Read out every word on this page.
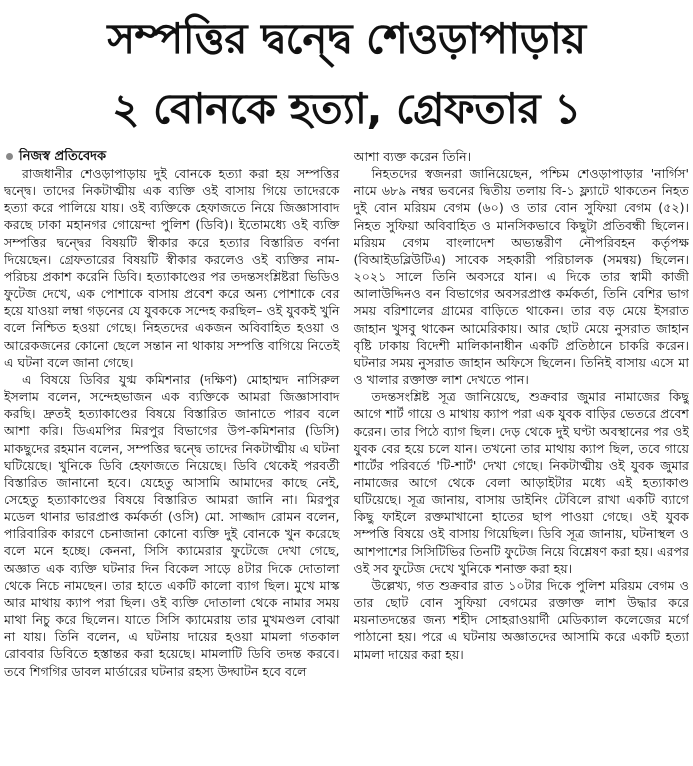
সম্পত্তির দ্বন্দ্বে শেওড়াপাড়ায়
২ বোনকে হত্যা, গ্রেফতার ১
নিজস্ব প্রতিবেদক

রাজধানীর শেওড়াপাড়ায় দুই বোনকে হত্যা করা হয় সম্পত্তির দ্বন্দ্বে। তাদের নিকটাত্মীয় এক ব্যক্তি ওই বাসায় গিয়ে তাদেরকে হত্যা করে পালিয়ে যায়। ওই ব্যক্তিকে হেফাজতে নিয়ে জিজ্ঞাসাবাদ করছে ঢাকা মহানগর গোয়েন্দা পুলিশ (ডিবি)। ইতোমধ্যে ওই ব্যক্তি সম্পত্তির দ্বন্দ্বের বিষয়টি স্বীকার করে হত্যার বিস্তারিত বর্ণনা দিয়েছেন। গ্রেফতারের বিষয়টি স্বীকার করলেও ওই ব্যক্তির নাম-পরিচয় প্রকাশ করেনি ডিবি। হত্যাকাণ্ডের পর তদন্তসংশ্লিষ্টরা ভিডিও ফুটেজ দেখে, এক পোশাকে বাসায় প্রবেশ করে অন্য পোশাকে বের হয়ে যাওয়া লম্বা গড়নের যে যুবককে সন্দেহ করছিল– ওই যুবকই খুনি বলে নিশ্চিত হওয়া গেছে। নিহতদের একজন অবিবাহিত হওয়া ও আরেকজনের কোনো ছেলে সন্তান না থাকায় সম্পত্তি বাগিয়ে নিতেই এ ঘটনা বলে জানা গেছে।

এ বিষয়ে ডিবির যুগ্ম কমিশনার (দক্ষিণ) মোহাম্মদ নাসিরুল ইসলাম বলেন, সন্দেহভাজন এক ব্যক্তিকে আমরা জিজ্ঞাসাবাদ করছি। দ্রুতই হত্যাকাণ্ডের বিষয়ে বিস্তারিত জানাতে পারব বলে আশা করি। ডিএমপির মিরপুর বিভাগের উপ-কমিশনার (ডিসি) মাকছুদের রহমান বলেন, সম্পত্তির দ্বন্দ্বে তাদের নিকটাত্মীয় এ ঘটনা ঘটিয়েছে। খুনিকে ডিবি হেফাজতে নিয়েছে। ডিবি থেকেই পরবর্তী বিস্তারিত জানানো হবে। যেহেতু আসামি আমাদের কাছে নেই, সেহেতু হত্যাকাণ্ডের বিষয়ে বিস্তারিত আমরা জানি না। মিরপুর মডেল থানার ভারপ্রাপ্ত কর্মকর্তা (ওসি) মো. সাজ্জাদ রোমন বলেন, পারিবারিক কারণে চেনাজানা কোনো ব্যক্তি দুই বোনকে খুন করেছে বলে মনে হচ্ছে। কেননা, সিসি ক্যামেরার ফুটেজে দেখা গেছে, অজ্ঞাত এক ব্যক্তি ঘটনার দিন বিকেল সাড়ে ৪টার দিকে দোতালা থেকে নিচে নামছেন। তার হাতে একটি কালো ব্যাগ ছিল। মুখে মাস্ক আর মাথায় ক্যাপ পরা ছিল। ওই ব্যক্তি দোতালা থেকে নামার সময় মাথা নিচু করে ছিলেন। যাতে সিসি ক্যামেরায় তার মুখমণ্ডল বোঝা না যায়। তিনি বলেন, এ ঘটনায় দায়ের হওয়া মামলা গতকাল রোববার ডিবিতে হস্তান্তর করা হয়েছে। মামলাটি ডিবি তদন্ত করবে। তবে শিগগির ডাবল মার্ডারের ঘটনার রহস্য উদ্ঘাটন হবে বলে

আশা ব্যক্ত করেন তিনি।

নিহতদের স্বজনরা জানিয়েছেন, পশ্চিম শেওড়াপাড়ার 'নার্গিস' নামে ৬৮৯ নম্বর ভবনের দ্বিতীয় তলায় বি-১ ফ্ল্যাটে থাকতেন নিহত দুই বোন মরিয়ম বেগম (৬০) ও তার বোন সুফিয়া বেগম (৫২)। নিহত সুফিয়া অবিবাহিত ও মানসিকভাবে কিছুটা প্রতিবন্ধী ছিলেন। মরিয়ম বেগম বাংলাদেশ অভ্যন্তরীণ নৌপরিবহন কর্তৃপক্ষ (বিআইডব্লিউটিএ) সাবেক সহকারী পরিচালক (সমন্বয়) ছিলেন। ২০২১ সালে তিনি অবসরে যান। এ দিকে তার স্বামী কাজী আলাউদ্দিনও বন বিভাগের অবসরপ্রাপ্ত কর্মকর্তা, তিনি বেশির ভাগ সময় বরিশালের গ্রামের বাড়িতে থাকেন। তার বড় মেয়ে ইসরাত জাহান খুসবু থাকেন আমেরিকায়। আর ছোট মেয়ে নুসরাত জাহান বৃষ্টি ঢাকায় বিদেশী মালিকানাধীন একটি প্রতিষ্ঠানে চাকরি করেন। ঘটনার সময় নুসরাত জাহান অফিসে ছিলেন। তিনিই বাসায় এসে মা ও খালার রক্তাক্ত লাশ দেখতে পান।

তদন্তসংশ্লিষ্ট সূত্র জানিয়েছে, শুক্রবার জুমার নামাজের কিছু আগে শার্ট গায়ে ও মাথায় ক্যাপ পরা এক যুবক বাড়ির ভেতরে প্রবেশ করেন। তার পিঠে ব্যাগ ছিল। দেড় থেকে দুই ঘণ্টা অবস্থানের পর ওই যুবক বের হয়ে চলে যান। তখনো তার মাথায় ক্যাপ ছিল, তবে গায়ে শার্টের পরিবর্তে 'টি-শার্ট' দেখা গেছে। নিকটাত্মীয় ওই যুবক জুমার নামাজের আগে থেকে বেলা আড়াইটার মধ্যে এই হত্যাকাণ্ড ঘটিয়েছে। সূত্র জানায়, বাসায় ডাইনিং টেবিলে রাখা একটি ব্যাগে কিছু ফাইলে রক্তমাখানো হাতের ছাপ পাওয়া গেছে। ওই যুবক সম্পত্তি বিষয়ে ওই বাসায় গিয়েছিল। ডিবি সূত্র জানায়, ঘটনাস্থল ও আশপাশের সিসিটিভির তিনটি ফুটেজ নিয়ে বিশ্লেষণ করা হয়। এরপর ওই সব ফুটেজ দেখে খুনিকে শনাক্ত করা হয়।

উল্লেখ্য, গত শুক্রবার রাত ১০টার দিকে পুলিশ মরিয়ম বেগম ও তার ছোট বোন সুফিয়া বেগমের রক্তাক্ত লাশ উদ্ধার করে ময়নাতদন্তের জন্য শহীদ সোহরাওয়ার্দী মেডিক্যাল কলেজের মর্গে পাঠানো হয়। পরে এ ঘটনায় অজ্ঞাতদের আসামি করে একটি হত্যা মামলা দায়ের করা হয়।
